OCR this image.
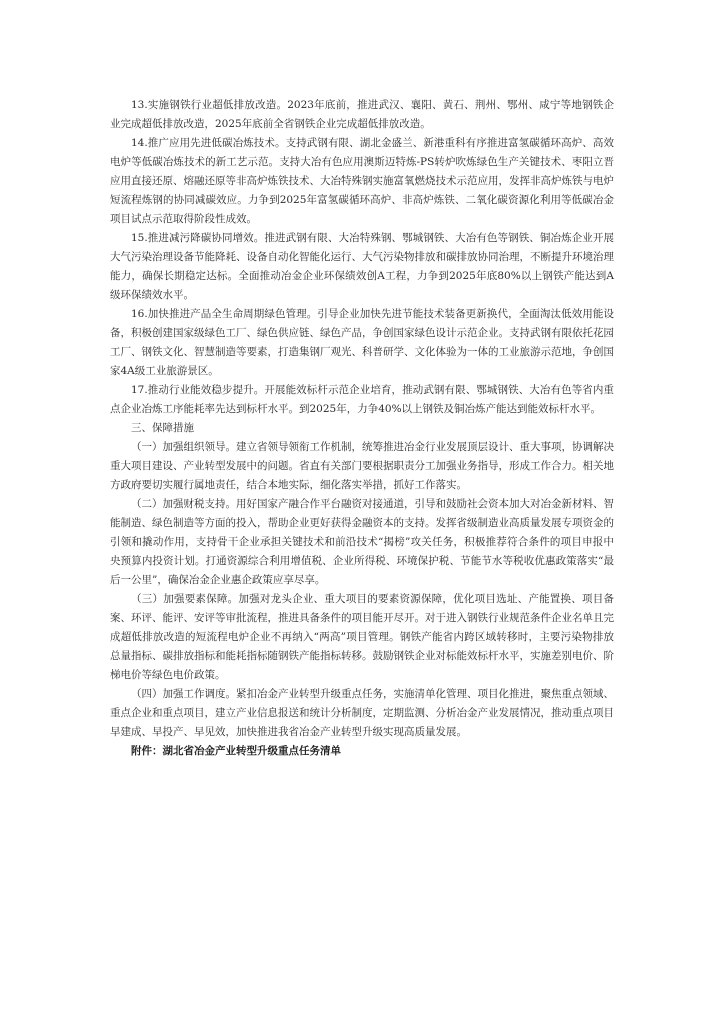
13.实施钢铁行业超低排放改造。2023年底前，推进武汉、襄阳、黄石、荆州、鄂州、咸宁等地钢铁企业完成超低排放改造，2025年底前全省钢铁企业完成超低排放改造。

14.推广应用先进低碳冶炼技术。支持武钢有限、湖北金盛兰、新港重科有序推进富氢碳循环高炉、高效电炉等低碳冶炼技术的新工艺示范。支持大冶有色应用澳斯迈特炼-PS转炉吹炼绿色生产关键技术、枣阳立晋应用直接还原、熔融还原等非高炉炼铁技术、大冶特殊钢实施富氧燃烧技术示范应用，发挥非高炉炼铁与电炉短流程炼钢的协同减碳效应。力争到2025年富氢碳循环高炉、非高炉炼铁、二氧化碳资源化利用等低碳冶金项目试点示范取得阶段性成效。

15.推进减污降碳协同增效。推进武钢有限、大冶特殊钢、鄂城钢铁、大冶有色等钢铁、铜冶炼企业开展大气污染治理设备节能降耗、设备自动化智能化运行、大气污染物排放和碳排放协同治理，不断提升环境治理能力，确保长期稳定达标。全面推动冶金企业环保绩效创A工程，力争到2025年底80%以上钢铁产能达到A级环保绩效水平。

16.加快推进产品全生命周期绿色管理。引导企业加快先进节能技术装备更新换代，全面淘汰低效用能设备，积极创建国家级绿色工厂、绿色供应链、绿色产品，争创国家绿色设计示范企业。支持武钢有限依托花园工厂、钢铁文化、智慧制造等要素，打造集钢厂观光、科普研学、文化体验为一体的工业旅游示范地，争创国家4A级工业旅游景区。

17.推动行业能效稳步提升。开展能效标杆示范企业培育，推动武钢有限、鄂城钢铁、大冶有色等省内重点企业冶炼工序能耗率先达到标杆水平。到2025年，力争40%以上钢铁及铜冶炼产能达到能效标杆水平。

三、保障措施

（一）加强组织领导。建立省领导领衔工作机制，统筹推进冶金行业发展顶层设计、重大事项，协调解决重大项目建设、产业转型发展中的问题。省直有关部门要根据职责分工加强业务指导，形成工作合力。相关地方政府要切实履行属地责任，结合本地实际，细化落实举措，抓好工作落实。

（二）加强财税支持。用好国家产融合作平台融资对接通道，引导和鼓励社会资本加大对冶金新材料、智能制造、绿色制造等方面的投入，帮助企业更好获得金融资本的支持。发挥省级制造业高质量发展专项资金的引领和撬动作用，支持骨干企业承担关键技术和前沿技术“揭榜”攻关任务，积极推荐符合条件的项目申报中央预算内投资计划。打通资源综合利用增值税、企业所得税、环境保护税、节能节水等税收优惠政策落实“最后一公里”，确保冶金企业惠企政策应享尽享。

（三）加强要素保障。加强对龙头企业、重大项目的要素资源保障，优化项目选址、产能置换、项目备案、环评、能评、安评等审批流程，推进具备条件的项目能开尽开。对于进入钢铁行业规范条件企业名单且完成超低排放改造的短流程电炉企业不再纳入“两高”项目管理。钢铁产能省内跨区域转移时，主要污染物排放总量指标、碳排放指标和能耗指标随钢铁产能指标转移。鼓励钢铁企业对标能效标杆水平，实施差别电价、阶梯电价等绿色电价政策。

（四）加强工作调度。紧扣冶金产业转型升级重点任务，实施清单化管理、项目化推进，聚焦重点领域、重点企业和重点项目，建立产业信息报送和统计分析制度，定期监测、分析冶金产业发展情况，推动重点项目早建成、早投产、早见效，加快推进我省冶金产业转型升级实现高质量发展。

附件：湖北省冶金产业转型升级重点任务清单
